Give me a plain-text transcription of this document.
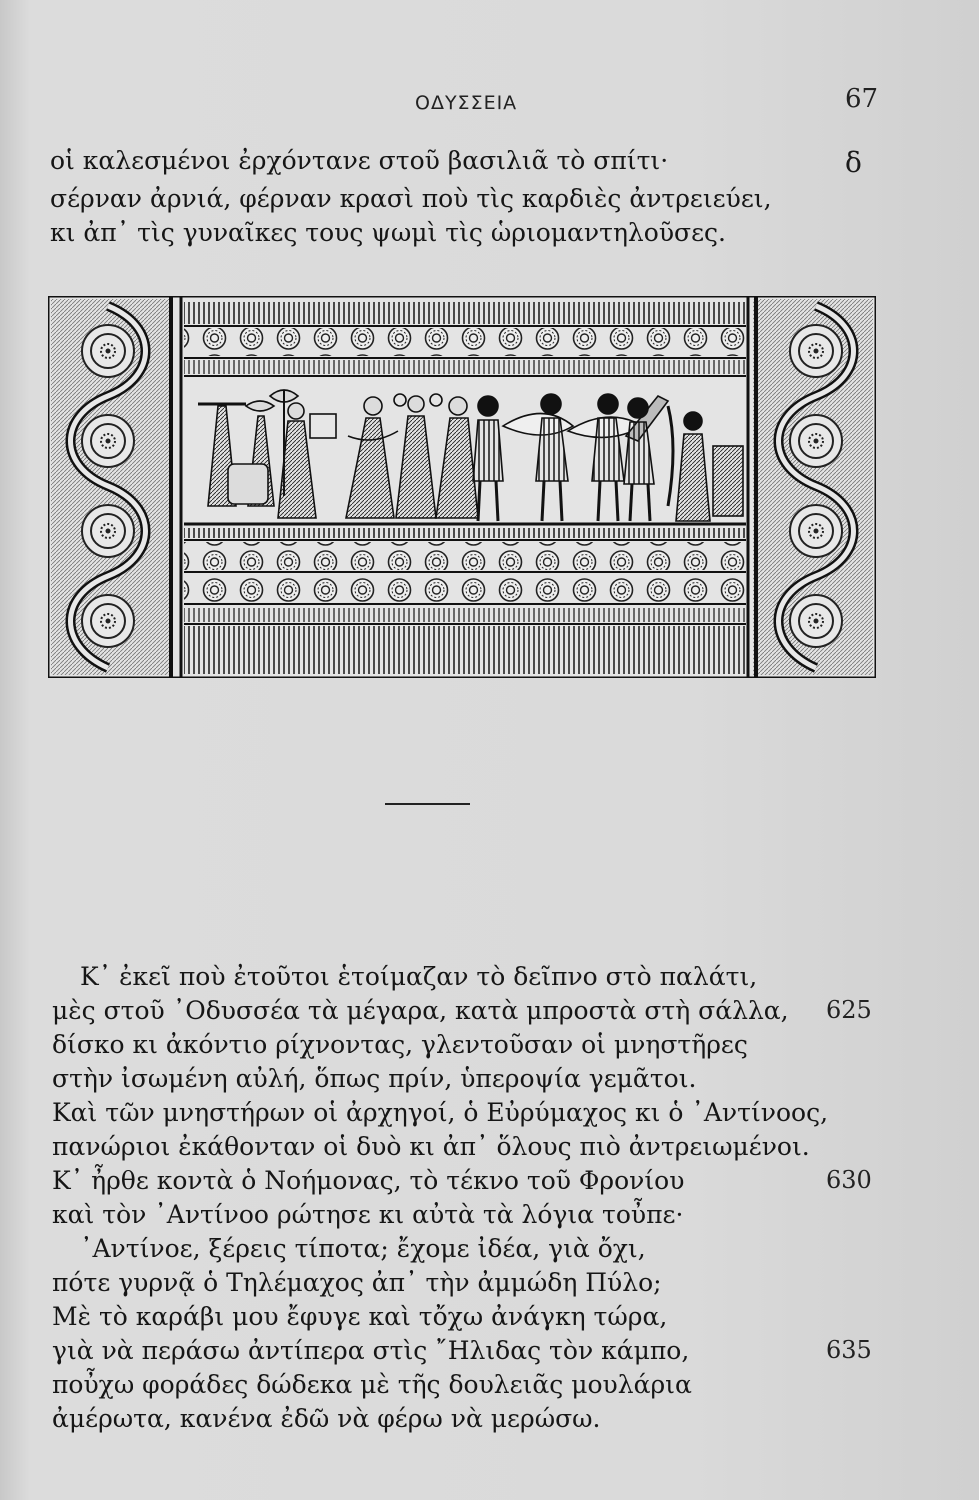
ΟΔΥΣΣΕΙΑ	67
οἱ καλεσμένοι ἐρχόντανε στοῦ βασιλιᾶ τὸ σπίτι·	δ
σέρναν ἀρνιά, φέρναν κρασὶ ποὺ τὶς καρδιὲς ἀντρειεύει,
κι ἀπ᾽ τὶς γυναῖκες τους ψωμὶ τὶς ὡριομαντηλοῦσες.
Κ᾽ ἐκεῖ ποὺ ἐτοῦτοι ἑτοίμαζαν τὸ δεῖπνο στὸ παλάτι,
μὲς στοῦ ᾽Οδυσσέα τὰ μέγαρα, κατὰ μπροστὰ στὴ σάλλα, 625
δίσκο κι ἀκόντιο ρίχνοντας, γλεντοῦσαν οἱ μνηστῆρες
στὴν ἰσωμένη αὐλή, ὅπως πρίν, ὑπεροψία γεμᾶτοι.
Καὶ τῶν μνηστήρων οἱ ἀρχηγοί, ὁ Εὐρύμαχος κι ὁ ᾽Αντίνοος,
πανώριοι ἐκάθονταν οἱ δυὸ κι ἀπ᾽ ὅλους πιὸ ἀντρειωμένοι.
Κ᾽ ἦρθε κοντὰ ὁ Νοήμονας, τὸ τέκνο τοῦ Φρονίου	630
καὶ τὸν ᾽Αντίνοο ρώτησε κι αὐτὰ τὰ λόγια τοὖπε·
᾽Αντίνοε, ξέρεις τίποτα; ἔχομε ἰδέα, γιὰ ὄχι,
πότε γυρνᾷ ὁ Τηλέμαχος ἀπ᾽ τὴν ἀμμώδη Πύλο;
Μὲ τὸ καράβι μου ἔφυγε καὶ τὄχω ἀνάγκη τώρα,
γιὰ νὰ περάσω ἀντίπερα στὶς ῎Ηλιδας τὸν κάμπο,	635
ποὖχω φοράδες δώδεκα μὲ τῆς δουλειᾶς μουλάρια
ἀμέρωτα, κανένα ἐδῶ νὰ φέρω νὰ μερώσω.
